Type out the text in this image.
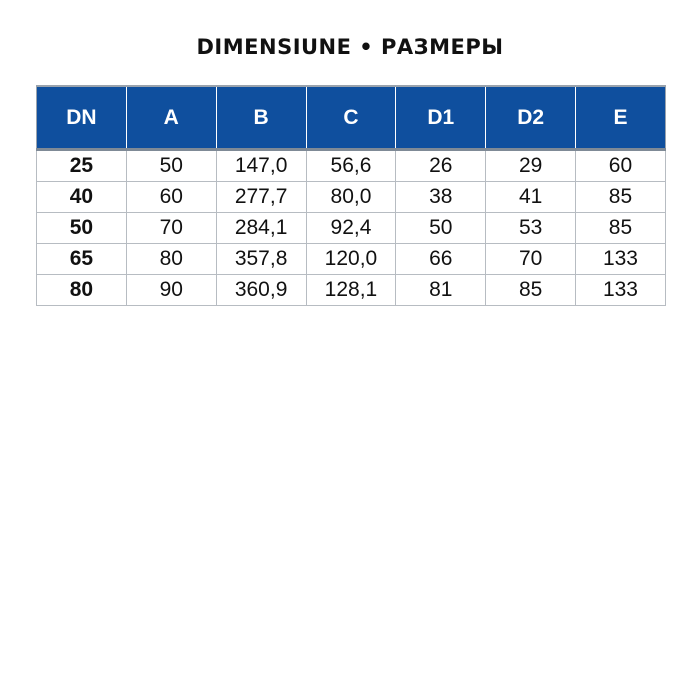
DIMENSIUNE • РАЗМЕРЫ
DN	A	B	C	D1	D2	E
25	50	147,0	56,6	26	29	60
40	60	277,7	80,0	38	41	85
50	70	284,1	92,4	50	53	85
65	80	357,8	120,0	66	70	133
80	90	360,9	128,1	81	85	133
